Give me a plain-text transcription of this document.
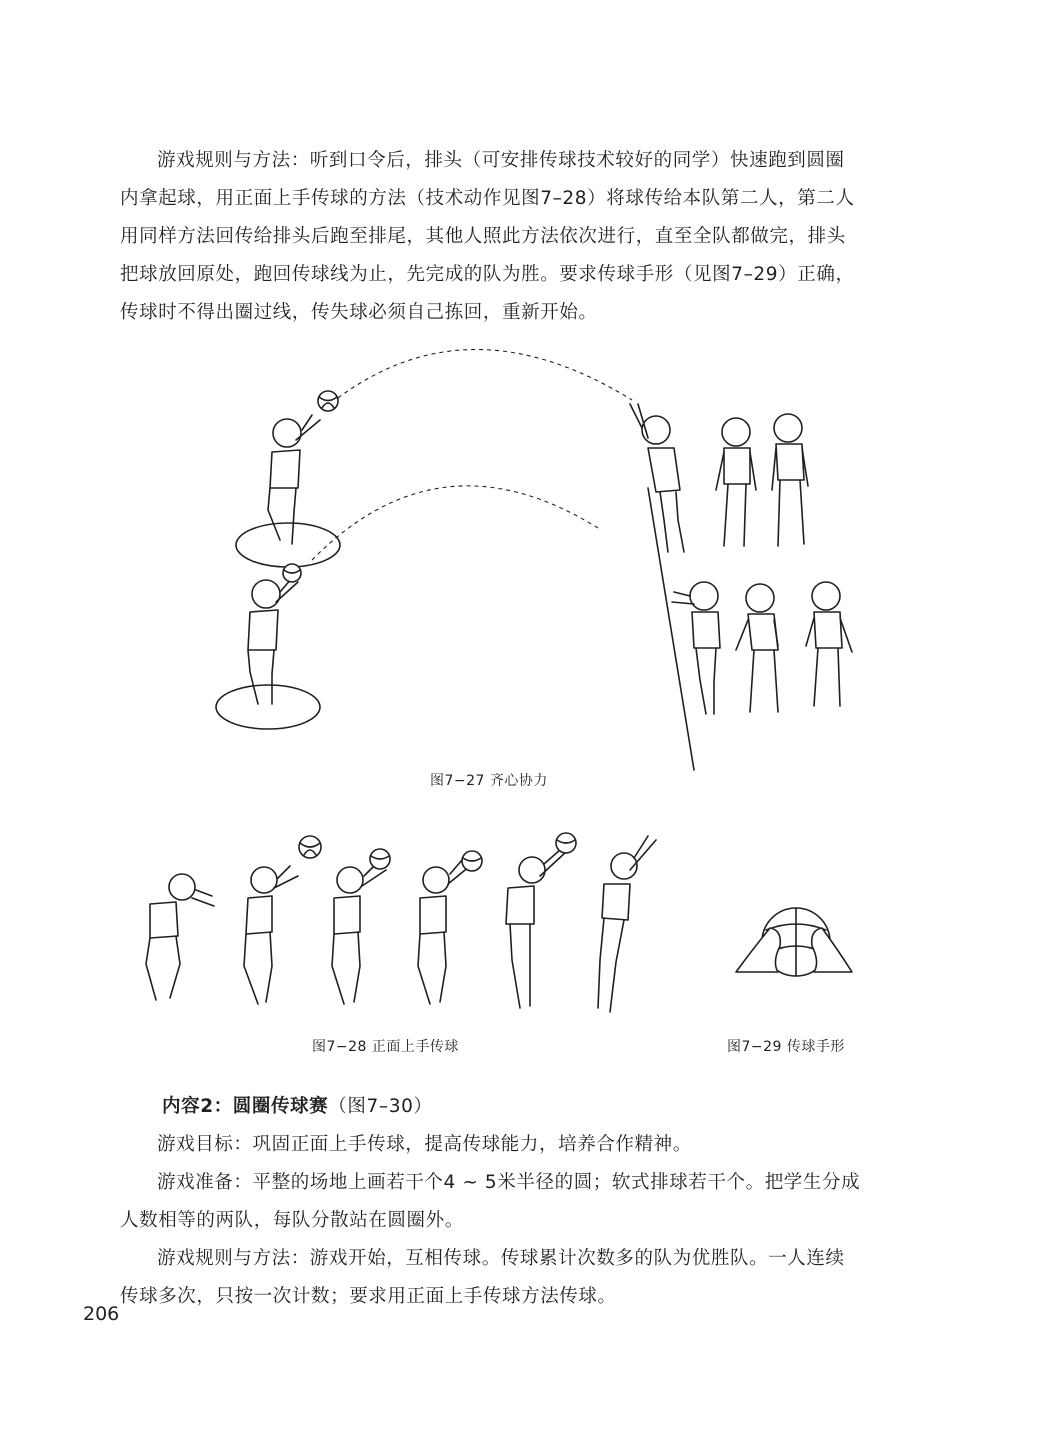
游戏规则与方法：听到口令后，排头（可安排传球技术较好的同学）快速跑到圆圈
内拿起球，用正面上手传球的方法（技术动作见图7–28）将球传给本队第二人，第二人
用同样方法回传给排头后跑至排尾，其他人照此方法依次进行，直至全队都做完，排头
把球放回原处，跑回传球线为止，先完成的队为胜。要求传球手形（见图7–29）正确，
传球时不得出圈过线，传失球必须自己拣回，重新开始。
图7−27 齐心协力
图7−28 正面上手传球	图7−29 传球手形
内容2：圆圈传球赛（图7–30）
游戏目标：巩固正面上手传球，提高传球能力，培养合作精神。
游戏准备：平整的场地上画若干个4 ~ 5米半径的圆；软式排球若干个。把学生分成
人数相等的两队，每队分散站在圆圈外。
游戏规则与方法：游戏开始，互相传球。传球累计次数多的队为优胜队。一人连续
传球多次，只按一次计数；要求用正面上手传球方法传球。
206
